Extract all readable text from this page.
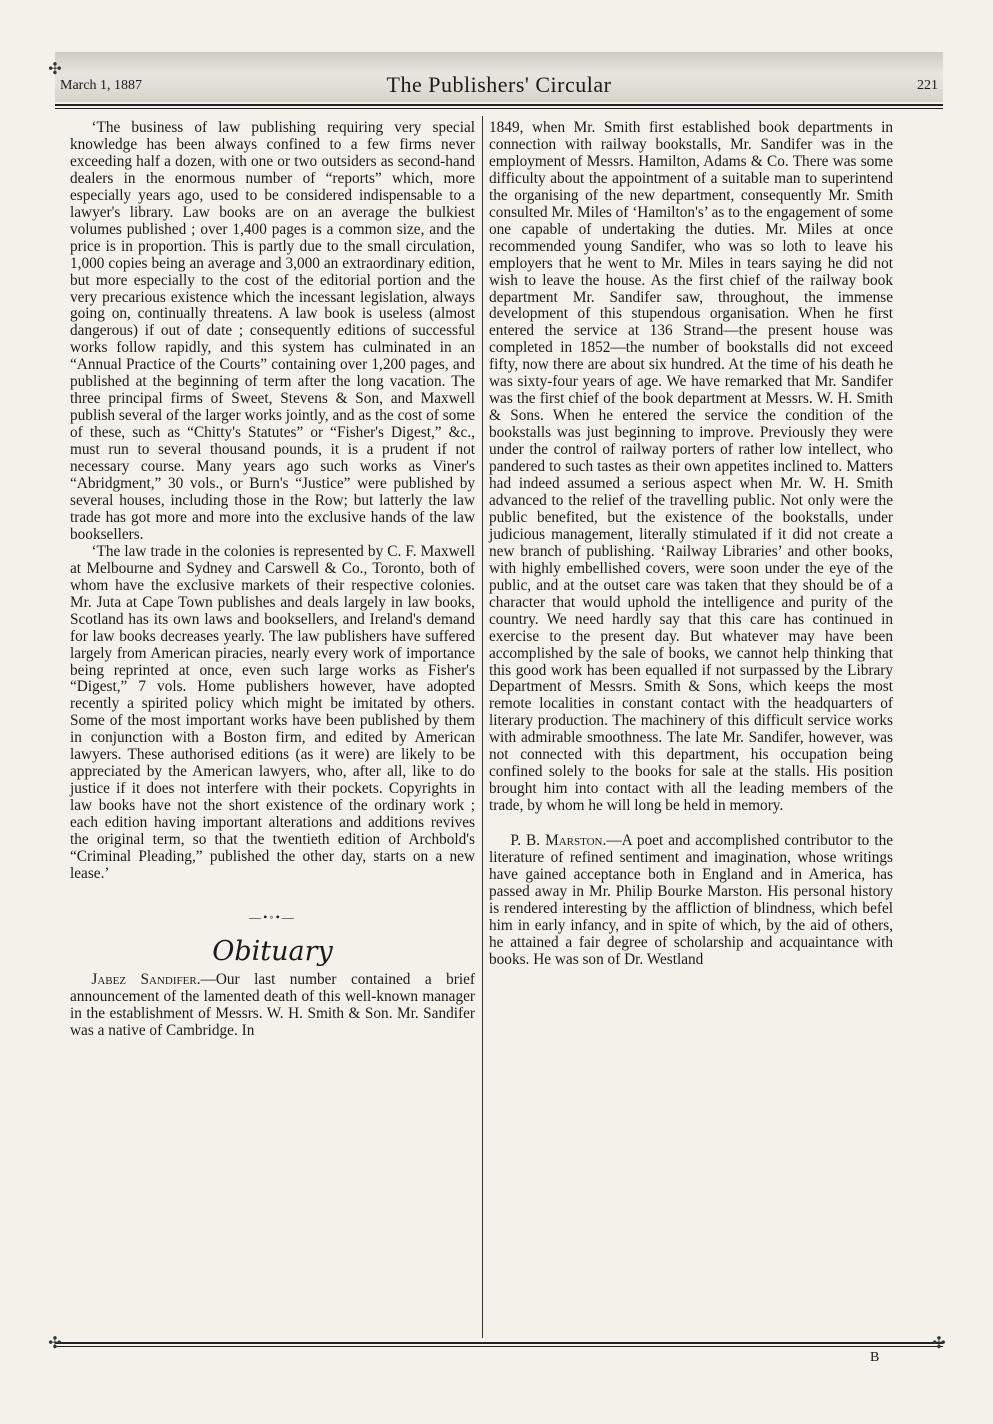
March 1, 1887	The Publishers' Circular	221

‘The business of law publishing requiring very special knowledge has been always confined to a few firms never exceeding half a dozen, with one or two outsiders as second-hand dealers in the enormous number of “reports” which, more especially years ago, used to be considered indispensable to a lawyer's library. Law books are on an average the bulkiest volumes published ; over 1,400 pages is a common size, and the price is in proportion. This is partly due to the small circulation, 1,000 copies being an average and 3,000 an extraordinary edition, but more especially to the cost of the editorial portion and the very precarious existence which the incessant legislation, always going on, continually threatens. A law book is useless (almost dangerous) if out of date ; consequently editions of successful works follow rapidly, and this system has culminated in an “Annual Practice of the Courts” containing over 1,200 pages, and published at the beginning of term after the long vacation. The three principal firms of Sweet, Stevens & Son, and Maxwell publish several of the larger works jointly, and as the cost of some of these, such as “Chitty's Statutes” or “Fisher's Digest,” &c., must run to several thousand pounds, it is a prudent if not necessary course. Many years ago such works as Viner's “Abridgment,” 30 vols., or Burn's “Justice” were published by several houses, including those in the Row; but latterly the law trade has got more and more into the exclusive hands of the law booksellers.

‘The law trade in the colonies is represented by C. F. Maxwell at Melbourne and Sydney and Carswell & Co., Toronto, both of whom have the exclusive markets of their respective colonies. Mr. Juta at Cape Town publishes and deals largely in law books, Scotland has its own laws and booksellers, and Ireland's demand for law books decreases yearly. The law publishers have suffered largely from American piracies, nearly every work of importance being reprinted at once, even such large works as Fisher's “Digest,” 7 vols. Home publishers however, have adopted recently a spirited policy which might be imitated by others. Some of the most important works have been published by them in conjunction with a Boston firm, and edited by American lawyers. These authorised editions (as it were) are likely to be appreciated by the American lawyers, who, after all, like to do justice if it does not interfere with their pockets. Copyrights in law books have not the short existence of the ordinary work ; each edition having important alterations and additions revives the original term, so that the twentieth edition of Archbold's “Criminal Pleading,” published the other day, starts on a new lease.’

—•◦•—
Obituary

Jabez Sandifer.—Our last number contained a brief announcement of the lamented death of this well-known manager in the establishment of Messrs. W. H. Smith & Son. Mr. Sandifer was a native of Cambridge. In

1849, when Mr. Smith first established book departments in connection with railway bookstalls, Mr. Sandifer was in the employment of Messrs. Hamilton, Adams & Co. There was some difficulty about the appointment of a suitable man to superintend the organising of the new department, consequently Mr. Smith consulted Mr. Miles of ‘Hamilton's’ as to the engagement of some one capable of undertaking the duties. Mr. Miles at once recommended young Sandifer, who was so loth to leave his employers that he went to Mr. Miles in tears saying he did not wish to leave the house. As the first chief of the railway book department Mr. Sandifer saw, throughout, the immense development of this stupendous organisation. When he first entered the service at 136 Strand—the present house was completed in 1852—the number of bookstalls did not exceed fifty, now there are about six hundred. At the time of his death he was sixty-four years of age. We have remarked that Mr. Sandifer was the first chief of the book department at Messrs. W. H. Smith & Sons. When he entered the service the condition of the bookstalls was just beginning to improve. Previously they were under the control of railway porters of rather low intellect, who pandered to such tastes as their own appetites inclined to. Matters had indeed assumed a serious aspect when Mr. W. H. Smith advanced to the relief of the travelling public. Not only were the public benefited, but the existence of the bookstalls, under judicious management, literally stimulated if it did not create a new branch of publishing. ‘Railway Libraries’ and other books, with highly embellished covers, were soon under the eye of the public, and at the outset care was taken that they should be of a character that would uphold the intelligence and purity of the country. We need hardly say that this care has continued in exercise to the present day. But whatever may have been accomplished by the sale of books, we cannot help thinking that this good work has been equalled if not surpassed by the Library Department of Messrs. Smith & Sons, which keeps the most remote localities in constant contact with the headquarters of literary production. The machinery of this difficult service works with admirable smoothness. The late Mr. Sandifer, however, was not connected with this department, his occupation being confined solely to the books for sale at the stalls. His position brought him into contact with all the leading members of the trade, by whom he will long be held in memory.

P. B. Marston.—A poet and accomplished contributor to the literature of refined sentiment and imagination, whose writings have gained acceptance both in England and in America, has passed away in Mr. Philip Bourke Marston. His personal history is rendered interesting by the affliction of blindness, which befel him in early infancy, and in spite of which, by the aid of others, he attained a fair degree of scholarship and acquaintance with books. He was son of Dr. Westland

✣	✣
✣
B
